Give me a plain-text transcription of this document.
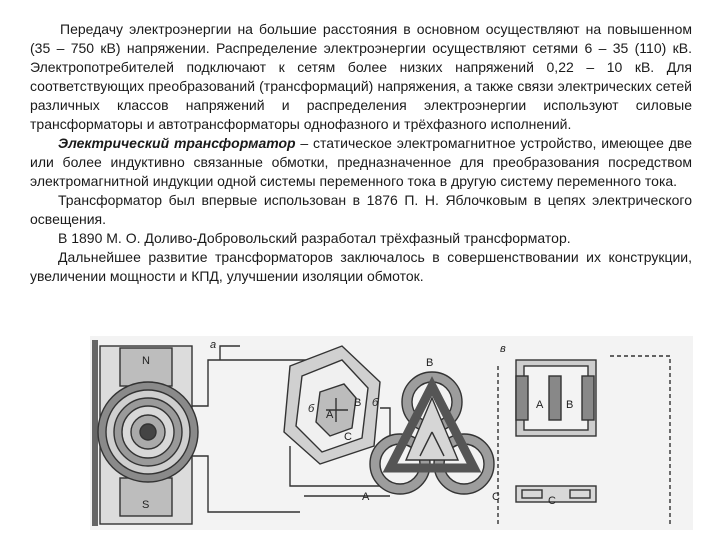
Передачу электроэнергии на большие расстояния в основном осуществляют на повышенном (35 – 750 кВ) напряжении. Распределение электроэнергии осуществляют сетями 6 – 35 (110) кВ. Электропотребителей подключают к сетям более низких напряжений 0,22 – 10 кВ. Для соответствующих преобразований (трансформаций) напряжения, а также связи электрических сетей различных классов напряжений и распределения электроэнергии используют силовые трансформаторы и автотрансформаторы однофазного и трёхфазного исполнений.

Электрический трансформатор – статическое электромагнитное устройство, имеющее две или более индуктивно связанные обмотки, предназначенное для преобразования посредством электромагнитной индукции одной системы переменного тока в другую систему переменного тока.

Трансформатор был впервые использован в 1876 П. Н. Яблочковым в цепях электрического освещения.

В 1890 М. О. Доливо-Добровольский разработал трёхфазный трансформатор.

Дальнейшее развитие трансформаторов заключалось в совершенствовании их конструкции, увеличении мощности и КПД, улучшении изоляции обмоток.

N
S
a
A
B
C
б	б
B
A	C
в
A B
C
